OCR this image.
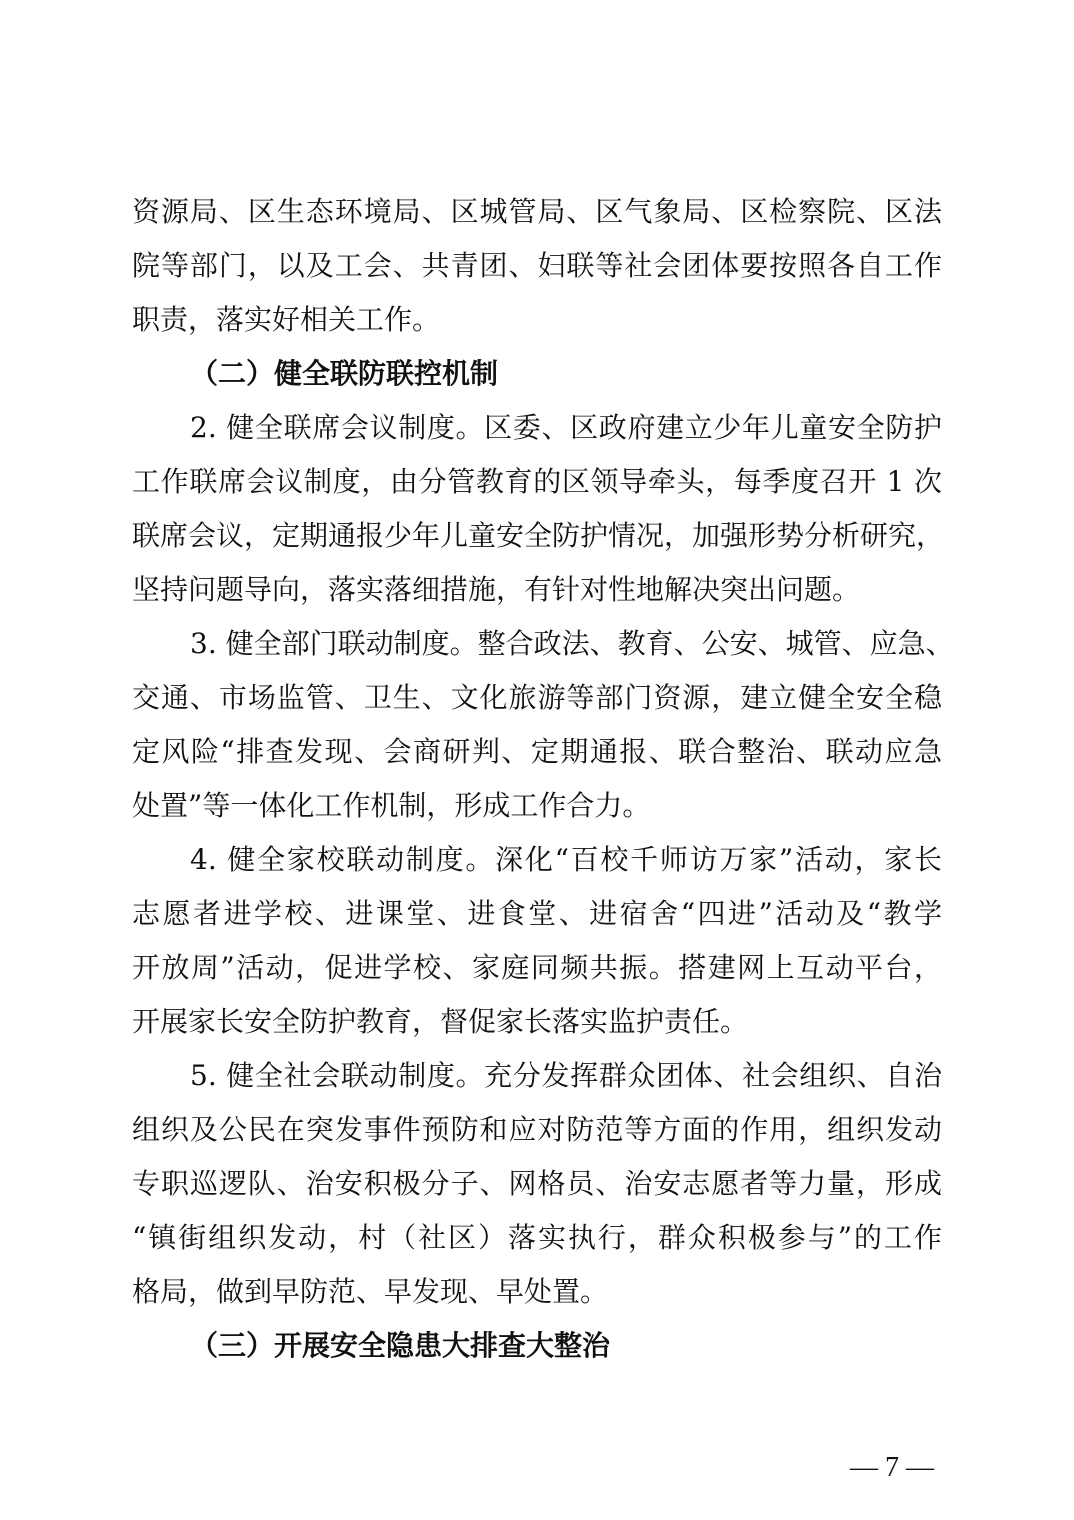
资源局、区生态环境局、区城管局、区气象局、区检察院、区法
院等部门，以及工会、共青团、妇联等社会团体要按照各自工作
职责，落实好相关工作。
（二）健全联防联控机制
2. 健全联席会议制度。区委、区政府建立少年儿童安全防护
工作联席会议制度，由分管教育的区领导牵头，每季度召开 1 次
联席会议，定期通报少年儿童安全防护情况，加强形势分析研究，
坚持问题导向，落实落细措施，有针对性地解决突出问题。
3. 健全部门联动制度。整合政法、教育、公安、城管、应急、
交通、市场监管、卫生、文化旅游等部门资源，建立健全安全稳
定风险“排查发现、会商研判、定期通报、联合整治、联动应急
处置”等一体化工作机制，形成工作合力。
4. 健全家校联动制度。深化“百校千师访万家”活动，家长
志愿者进学校、进课堂、进食堂、进宿舍“四进”活动及“教学
开放周”活动，促进学校、家庭同频共振。搭建网上互动平台，
开展家长安全防护教育，督促家长落实监护责任。
5. 健全社会联动制度。充分发挥群众团体、社会组织、自治
组织及公民在突发事件预防和应对防范等方面的作用，组织发动
专职巡逻队、治安积极分子、网格员、治安志愿者等力量，形成
“镇街组织发动，村（社区）落实执行，群众积极参与”的工作
格局，做到早防范、早发现、早处置。
（三）开展安全隐患大排查大整治
— 7 —
